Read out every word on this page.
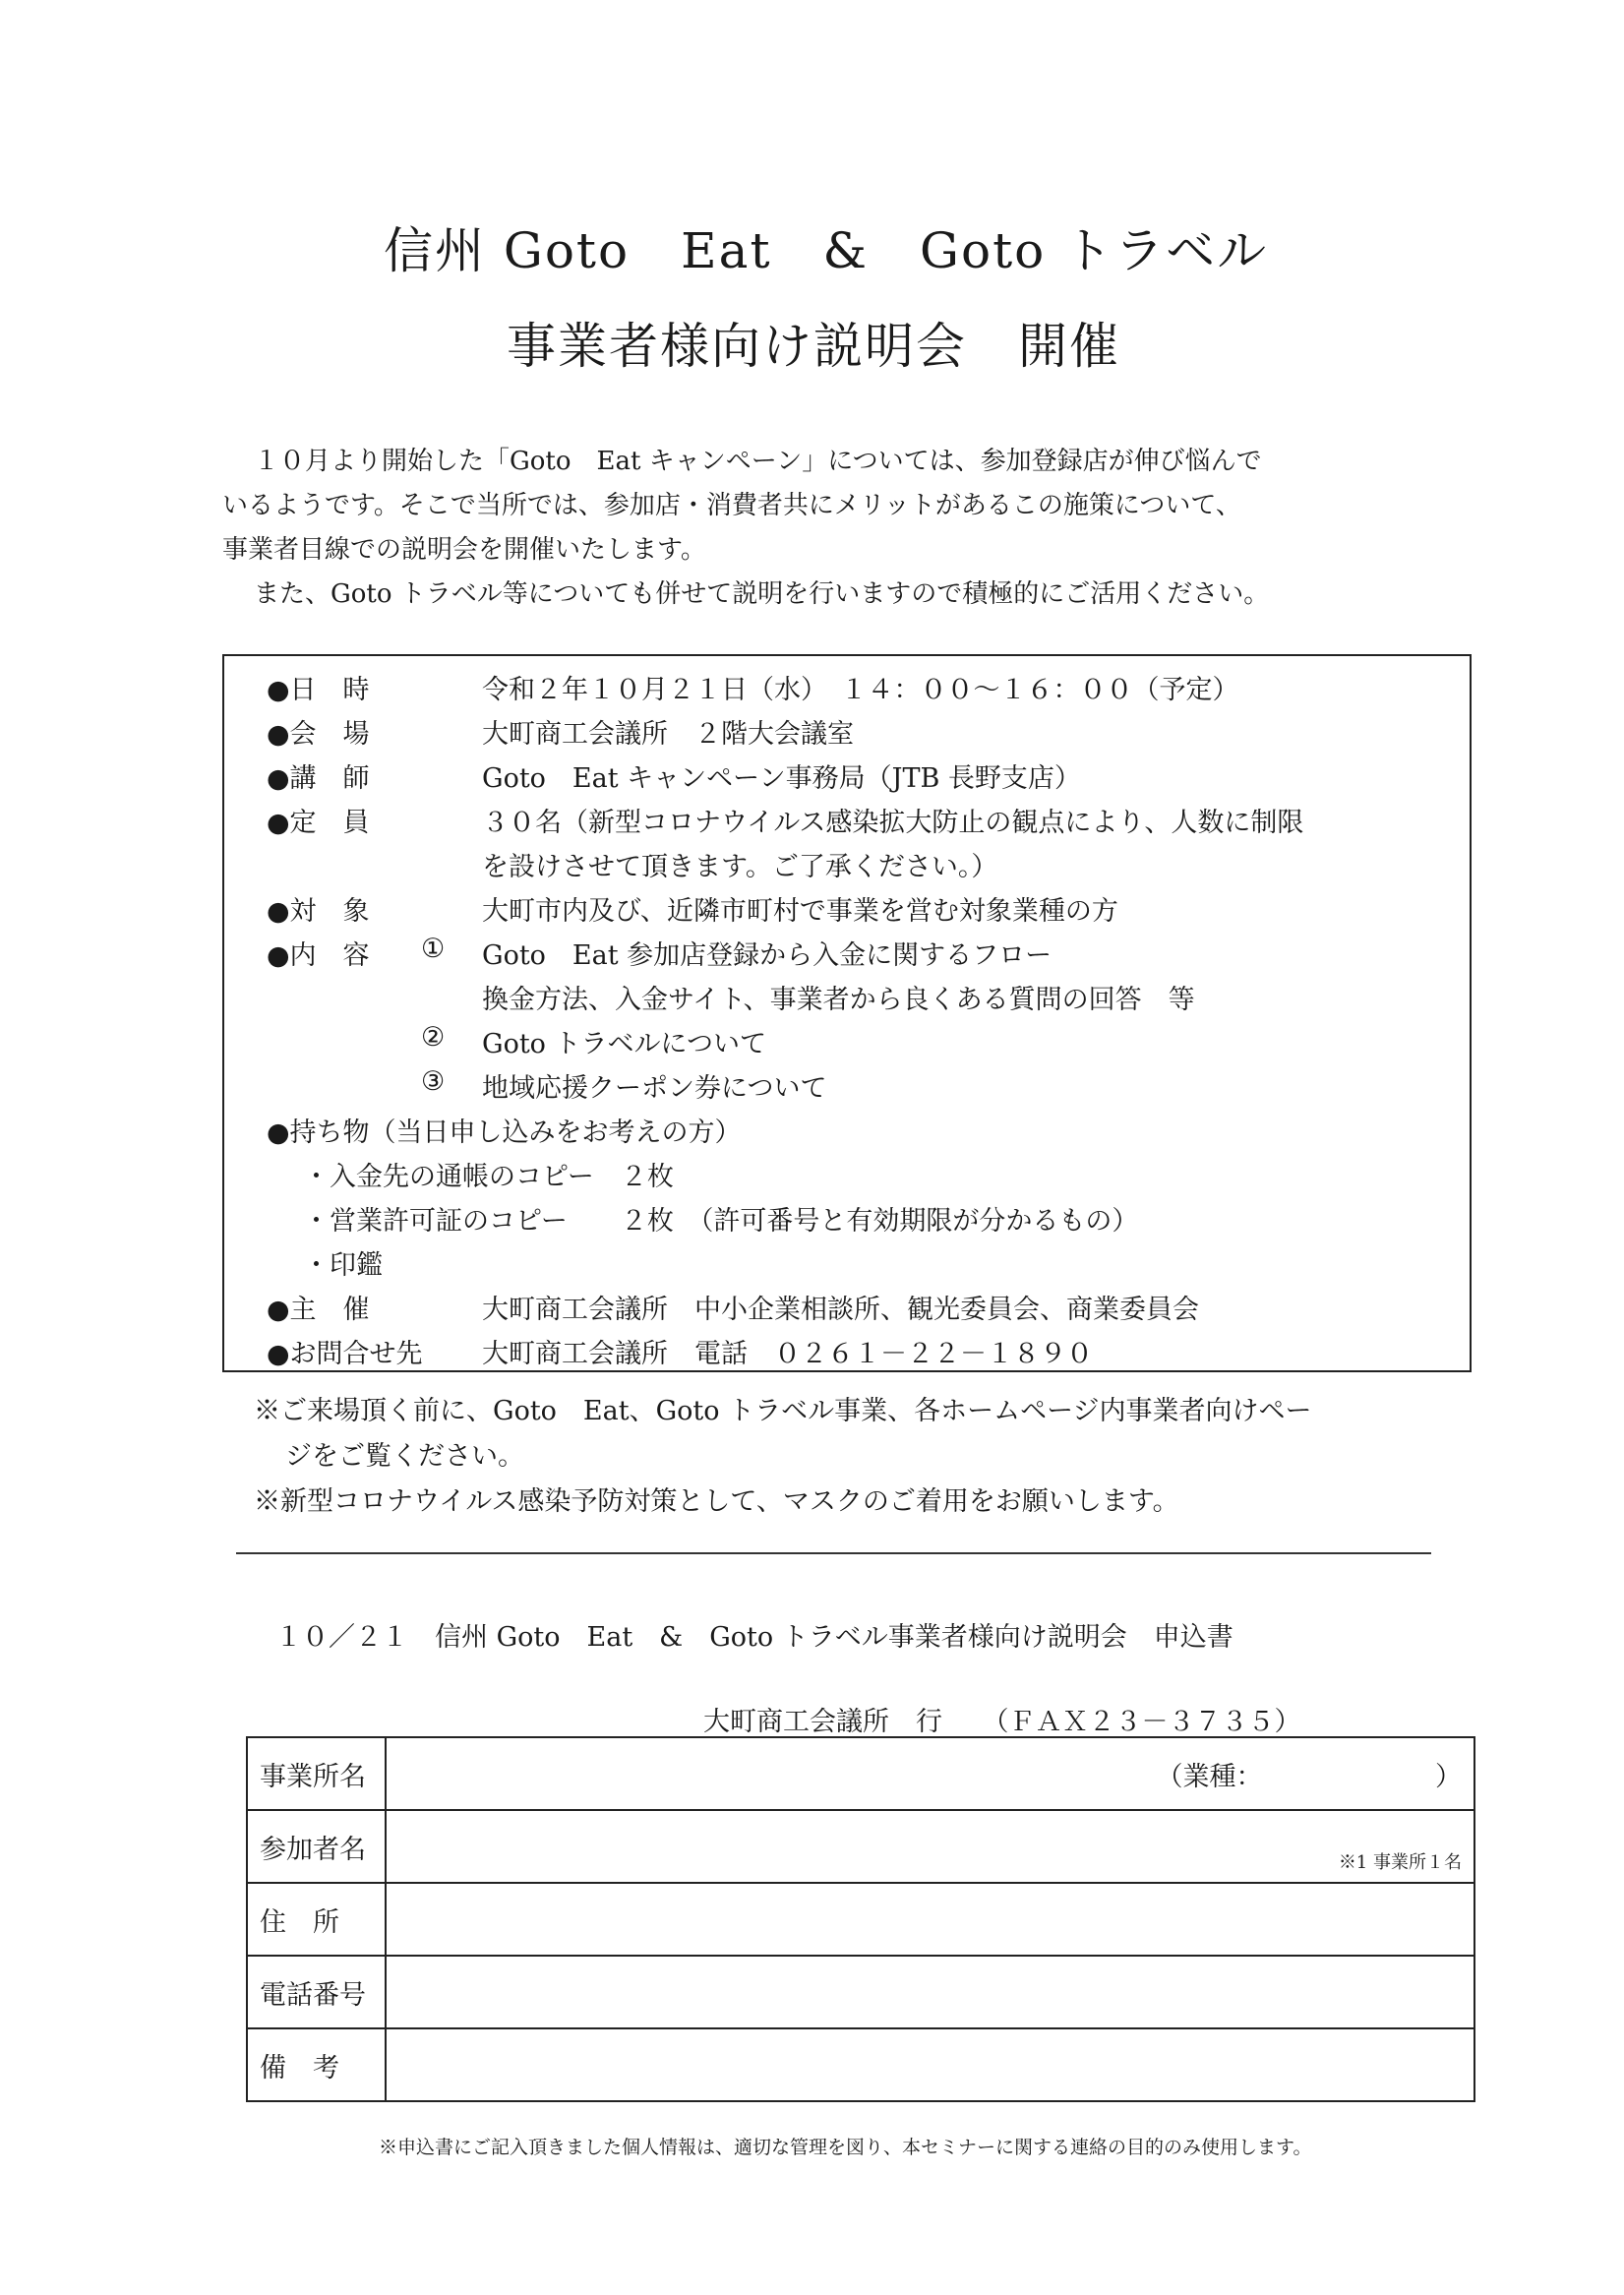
信州 Goto　Eat　&　Goto トラベル
事業者様向け説明会　開催
１０月より開始した「Goto　Eat キャンペーン」については、参加登録店が伸び悩んで
いるようです。そこで当所では、参加店・消費者共にメリットがあるこの施策について、
事業者目線での説明会を開催いたします。
また、Goto トラベル等についても併せて説明を行いますので積極的にご活用ください。
●日　時	令和２年１０月２１日（水）　１４：００～１６：００（予定）
●会　場	大町商工会議所　２階大会議室
●講　師	Goto　Eat キャンペーン事務局（JTB 長野支店）
●定　員	３０名（新型コロナウイルス感染拡大防止の観点により、人数に制限
を設けさせて頂きます。ご了承ください。）
●対　象	大町市内及び、近隣市町村で事業を営む対象業種の方
●内　容 ① Goto　Eat 参加店登録から入金に関するフロー
換金方法、入金サイト、事業者から良くある質問の回答　等
② Goto トラベルについて
③ 地域応援クーポン券について
●持ち物（当日申し込みをお考えの方）
・入金先の通帳のコピー　２枚
・営業許可証のコピー　　２枚　（許可番号と有効期限が分かるもの）
・印鑑
●主　催	大町商工会議所　中小企業相談所、観光委員会、商業委員会
●お問合せ先 大町商工会議所　電話　０２６１－２２－１８９０
※ご来場頂く前に、Goto　Eat、Goto トラベル事業、各ホームページ内事業者向けペー
ジをご覧ください。
※新型コロナウイルス感染予防対策として、マスクのご着用をお願いします。
１０／２１　信州 Goto　Eat　&　Goto トラベル事業者様向け説明会　申込書
大町商工会議所　行　　（ＦＡＸ２３－３７３５）
事業所名	（業種：　　　　　　　）

参加者名	※1 事業所１名

住　所	
電話番号	
備　考	
※申込書にご記入頂きました個人情報は、適切な管理を図り、本セミナーに関する連絡の目的のみ使用します。
